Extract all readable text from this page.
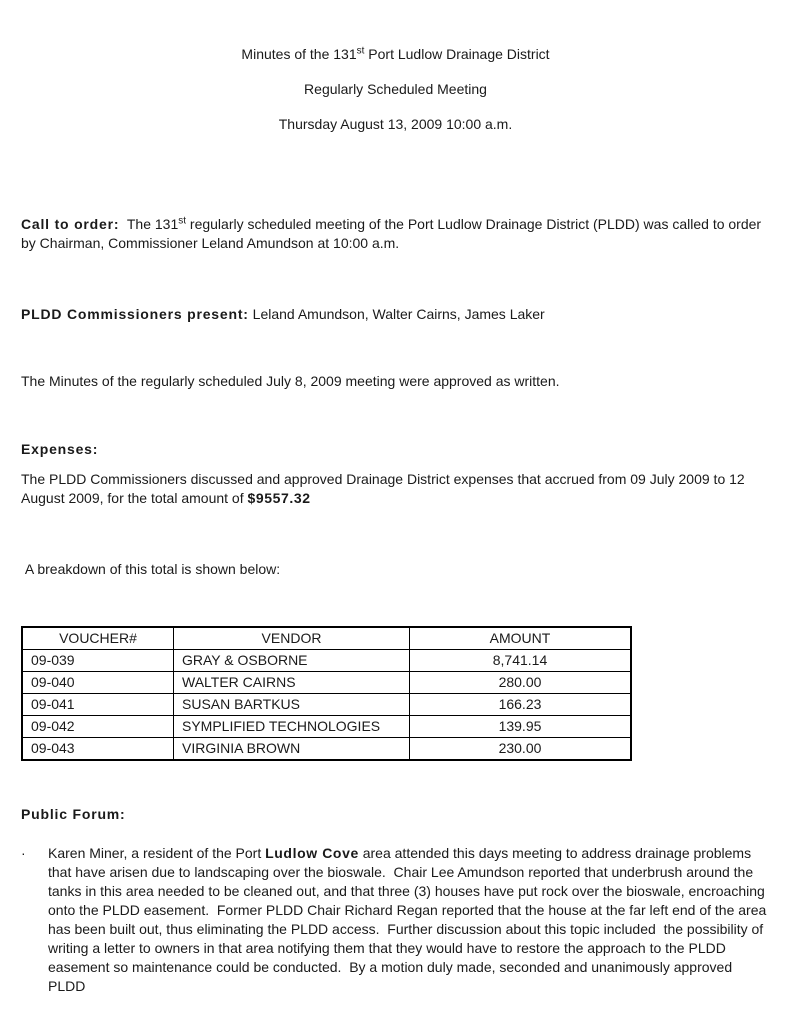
Minutes of the 131st Port Ludlow Drainage District

Regularly Scheduled Meeting

Thursday August 13, 2009 10:00 a.m.

Call to order:  The 131st regularly scheduled meeting of the Port Ludlow Drainage District (PLDD) was called to order by Chairman, Commissioner Leland Amundson at 10:00 a.m.

PLDD Commissioners present: Leland Amundson, Walter Cairns, James Laker

The Minutes of the regularly scheduled July 8, 2009 meeting were approved as written.

Expenses:

The PLDD Commissioners discussed and approved Drainage District expenses that accrued from 09 July 2009 to 12 August 2009, for the total amount of $9557.32

A breakdown of this total is shown below:

VOUCHER#	VENDOR	AMOUNT
09-039	GRAY & OSBORNE	8,741.14
09-040	WALTER CAIRNS	280.00
09-041	SUSAN BARTKUS	166.23
09-042	SYMPLIFIED TECHNOLOGIES	139.95
09-043	VIRGINIA BROWN	230.00

Public Forum:

·	Karen Miner, a resident of the Port Ludlow Cove area attended this days meeting to address drainage problems that have arisen due to landscaping over the bioswale.  Chair Lee Amundson reported that underbrush around the tanks in this area needed to be cleaned out, and that three (3) houses have put rock over the bioswale, encroaching onto the PLDD easement.  Former PLDD Chair Richard Regan reported that the house at the far left end of the area has been built out, thus eliminating the PLDD access.  Further discussion about this topic included  the possibility of writing a letter to owners in that area notifying them that they would have to restore the approach to the PLDD easement so maintenance could be conducted.  By a motion duly made, seconded and unanimously approved PLDD
